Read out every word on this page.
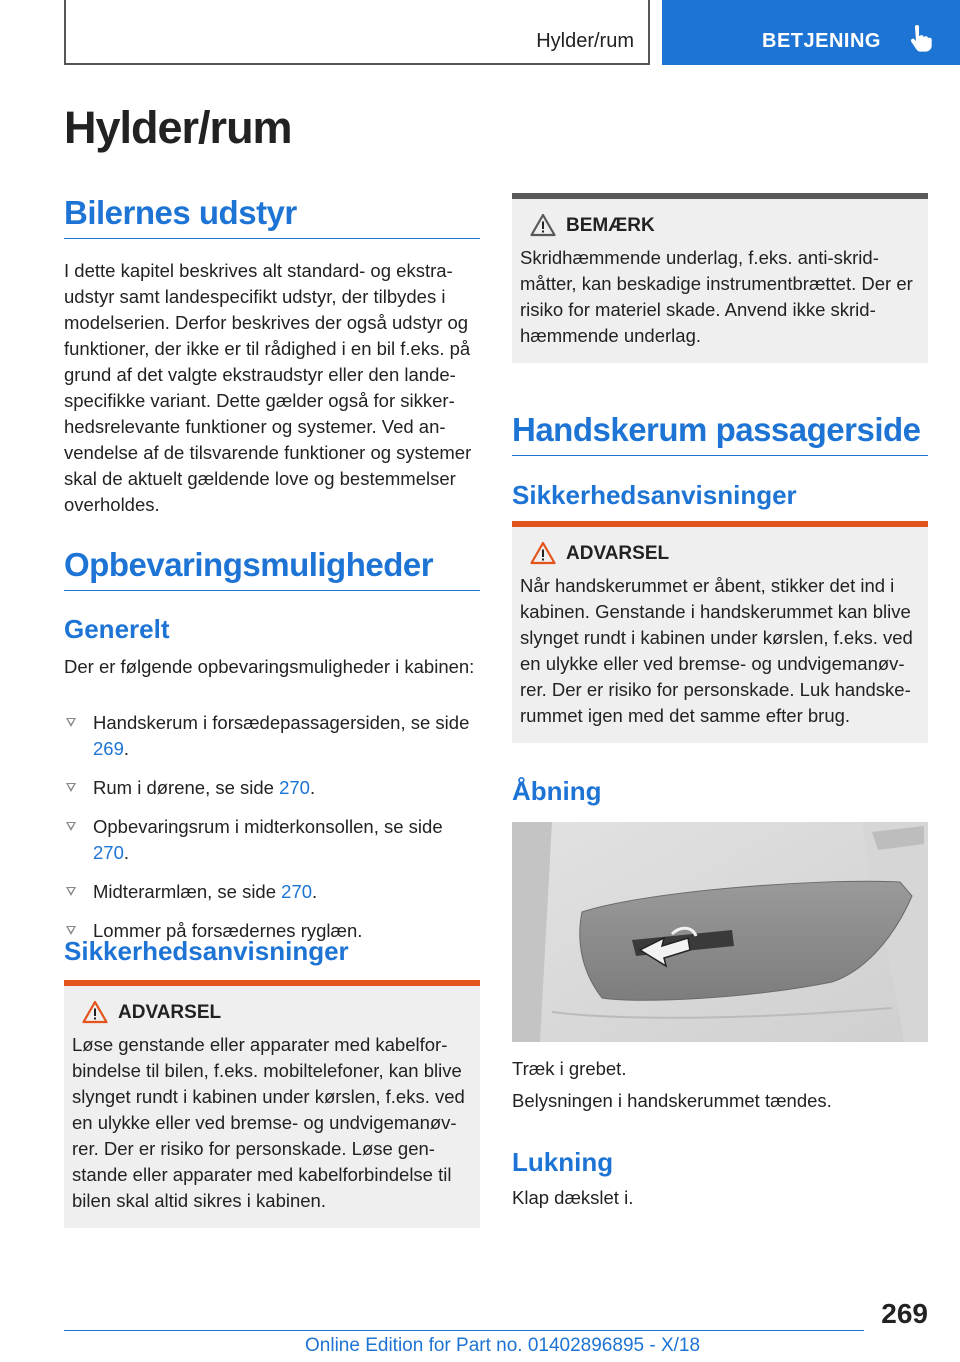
Hylder/rum	BETJENING
Hylder/rum
Bilernes udstyr
I dette kapitel beskrives alt standard- og ekstraudstyr samt landespecifikt udstyr, der tilbydes i modelserien. Derfor beskrives der også udstyr og funktioner, der ikke er til rådighed i en bil f.eks. på grund af det valgte ekstraudstyr eller den landespecifikke variant. Dette gælder også for sikkerhedsrelevante funktioner og systemer. Ved anvendelse af de tilsvarende funktioner og systemer skal de aktuelt gældende love og bestemmelser overholdes.
Opbevaringsmuligheder
Generelt
Der er følgende opbevaringsmuligheder i kabinen:
Handskerum i forsædepassagersiden, se side 269.
Rum i dørene, se side 270.
Opbevaringsrum i midterkonsollen, se side 270.
Midterarmlæn, se side 270.
Lommer på forsædernes ryglæn.
Sikkerhedsanvisninger
ADVARSEL
Løse genstande eller apparater med kabelforbindelse til bilen, f.eks. mobiltelefoner, kan blive slynget rundt i kabinen under kørslen, f.eks. ved en ulykke eller ved bremse- og undvigemanøvrer. Der er risiko for personskade. Løse genstande eller apparater med kabelforbindelse til bilen skal altid sikres i kabinen.
BEMÆRK
Skridhæmmende underlag, f.eks. anti-skridmåtter, kan beskadige instrumentbrættet. Der er risiko for materiel skade. Anvend ikke skridhæmmende underlag.
Handskerum passagerside
Sikkerhedsanvisninger
ADVARSEL
Når handskerummet er åbent, stikker det ind i kabinen. Genstande i handskerummet kan blive slynget rundt i kabinen under kørslen, f.eks. ved en ulykke eller ved bremse- og undvigemanøvrer. Der er risiko for personskade. Luk handskerummet igen med det samme efter brug.
Åbning
Træk i grebet.
Belysningen i handskerummet tændes.
Lukning
Klap dækslet i.
269
Online Edition for Part no. 01402896895 - X/18
